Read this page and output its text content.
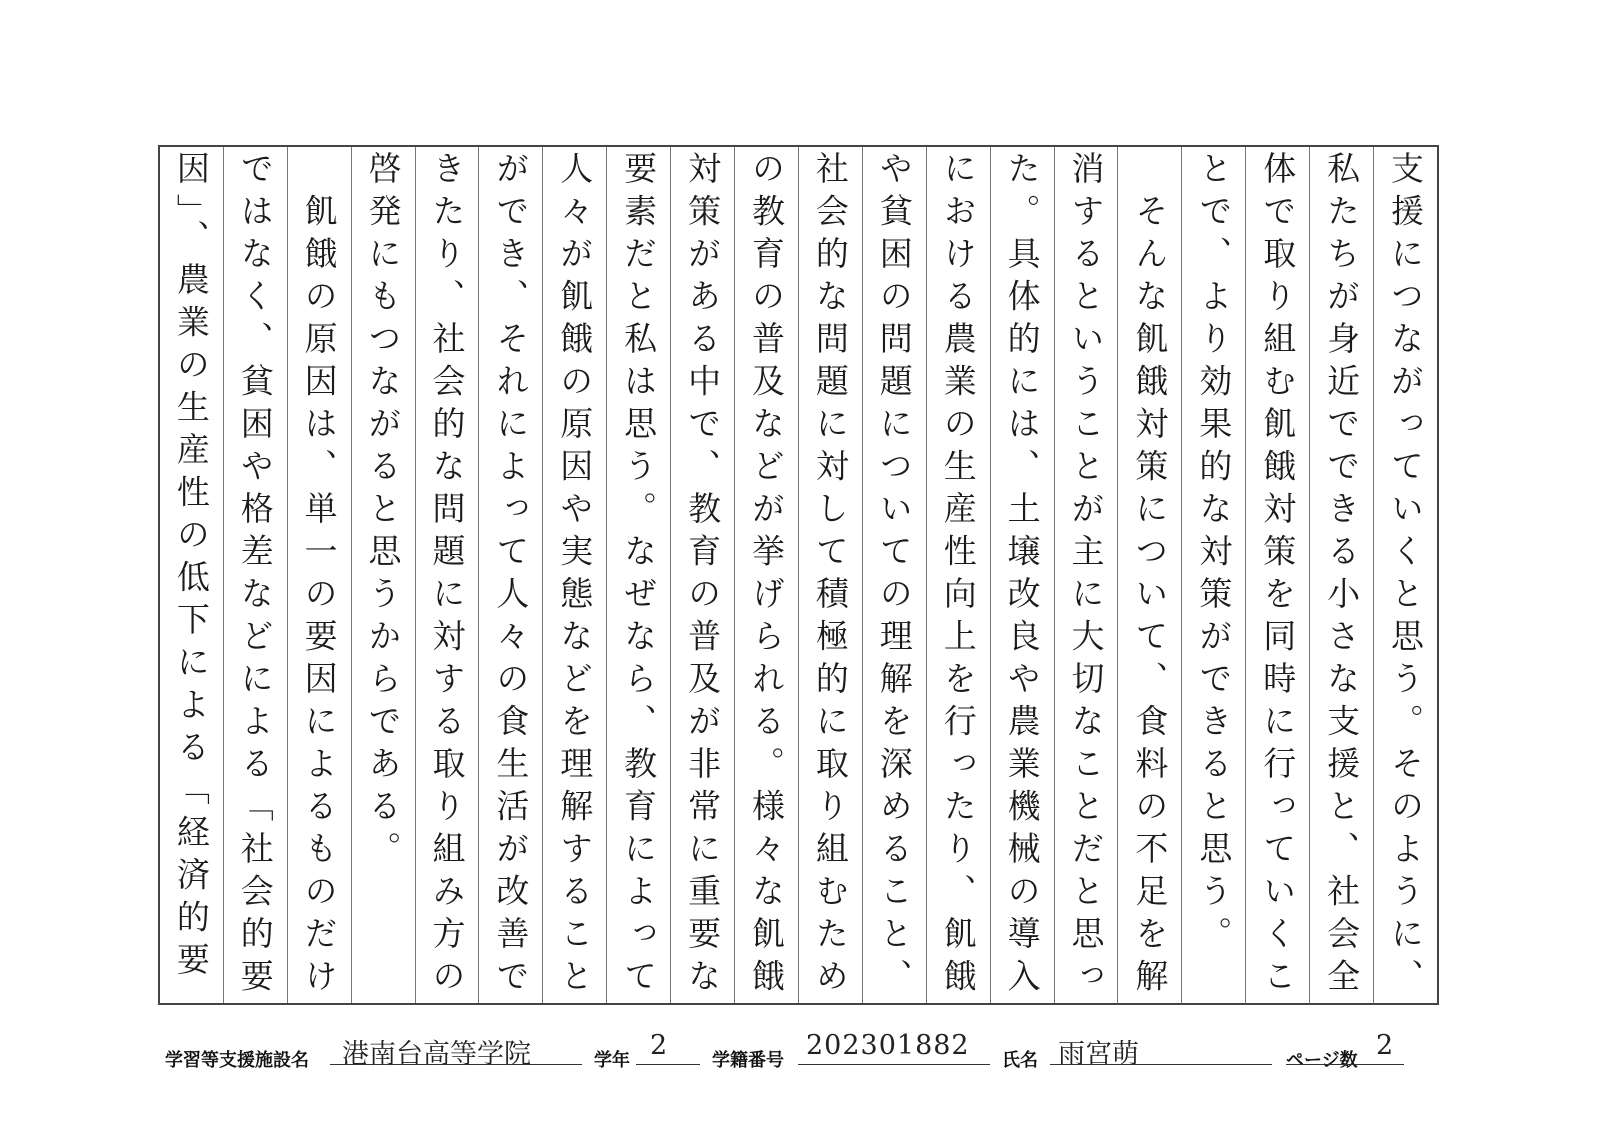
支援につながっていくと思う。そのように、
私たちが身近でできる小さな支援と、社会全
体で取り組む飢餓対策を同時に行っていくこ
とで、より効果的な対策ができると思う。
　そんな飢餓対策について、食料の不足を解
消するということが主に大切なことだと思っ
た。具体的には、土壌改良や農業機械の導入
における農業の生産性向上を行ったり、飢餓
や貧困の問題についての理解を深めること、
社会的な問題に対して積極的に取り組むため
の教育の普及などが挙げられる。様々な飢餓
対策がある中で、教育の普及が非常に重要な
要素だと私は思う。なぜなら、教育によって
人々が飢餓の原因や実態などを理解すること
ができ、それによって人々の食生活が改善で
きたり、社会的な問題に対する取り組み方の
啓発にもつながると思うからである。
　飢餓の原因は、単一の要因によるものだけ
ではなく、貧困や格差などによる「社会的要
因」、農業の生産性の低下による「経済的要
学習等支援施設名 港南台高等学院	学年 2 学籍番号 202301882 氏名 雨宮萌	ページ数 2
